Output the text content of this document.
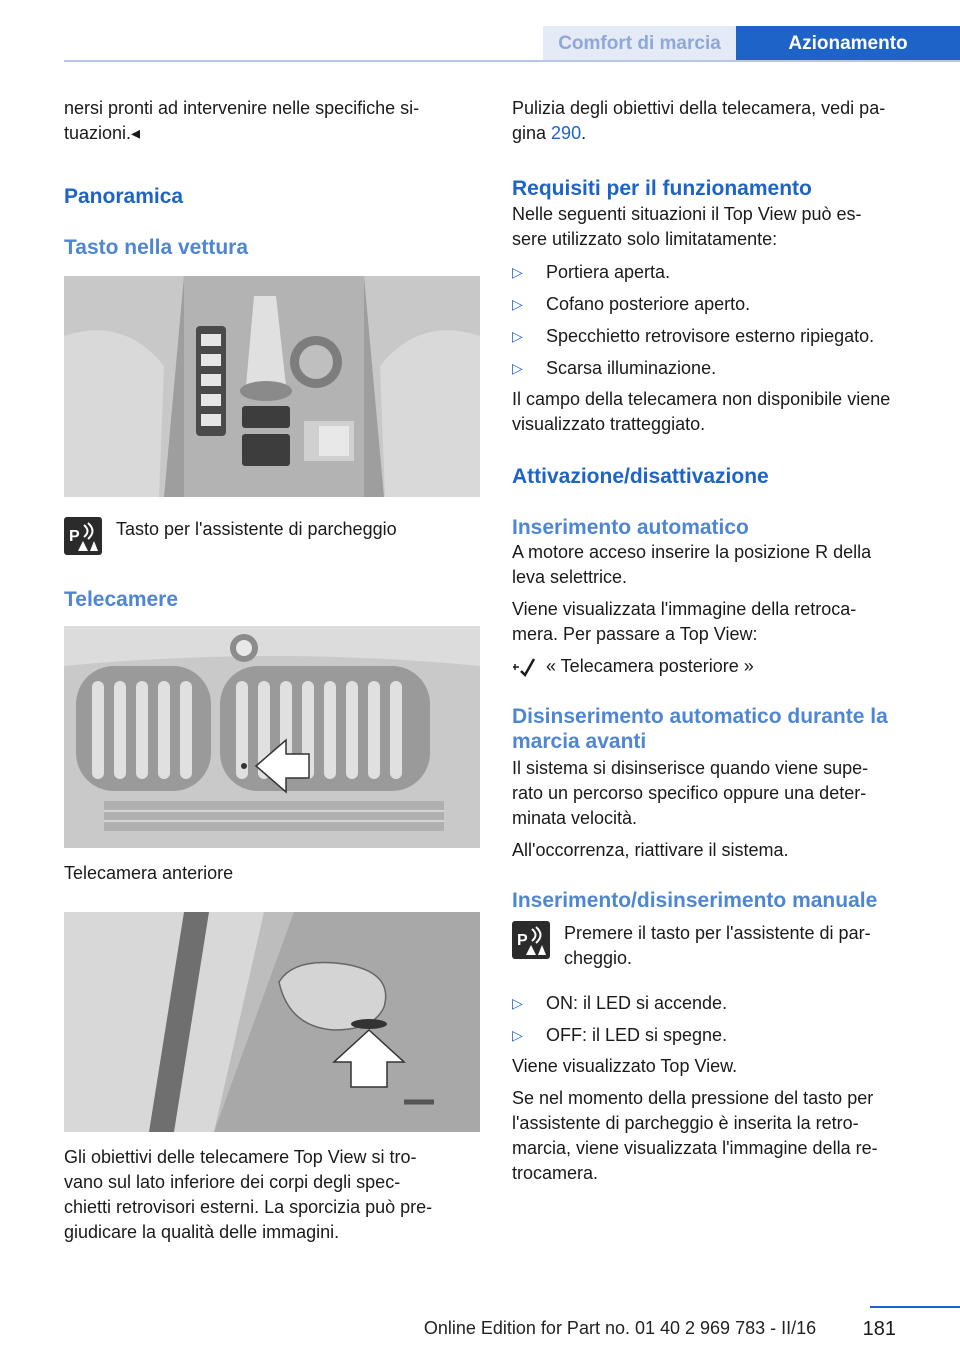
Comfort di marcia	Azionamento

nersi pronti ad intervenire nelle specifiche si-
tuazioni.◂

Panoramica
Tasto nella vettura
P Tasto per l'assistente di parcheggio
Telecamere

Telecamera anteriore

Gli obiettivi delle telecamere Top View si tro-
vano sul lato inferiore dei corpi degli spec-
chietti retrovisori esterni. La sporcizia può pre-
giudicare la qualità delle immagini.

Pulizia degli obiettivi della telecamera, vedi pa-
gina 290.

Requisiti per il funzionamento

Nelle seguenti situazioni il Top View può es-
sere utilizzato solo limitatamente:

▷ Portiera aperta.
▷ Cofano posteriore aperto.
▷ Specchietto retrovisore esterno ripiegato.
▷ Scarsa illuminazione.

Il campo della telecamera non disponibile viene
visualizzato tratteggiato.

Attivazione/disattivazione
Inserimento automatico

A motore acceso inserire la posizione R della
leva selettrice.

Viene visualizzata l'immagine della retroca-
mera. Per passare a Top View:

« Telecamera posteriore »
Disinserimento automatico durante la
marcia avanti

Il sistema si disinserisce quando viene supe-
rato un percorso specifico oppure una deter-
minata velocità.

All'occorrenza, riattivare il sistema.

Inserimento/disinserimento manuale
P Premere il tasto per l'assistente di par-
cheggio.
▷ ON: il LED si accende.
▷ OFF: il LED si spegne.

Viene visualizzato Top View.

Se nel momento della pressione del tasto per
l'assistente di parcheggio è inserita la retro-
marcia, viene visualizzata l'immagine della re-
trocamera.

Online Edition for Part no. 01 40 2 969 783 - II/16	181
